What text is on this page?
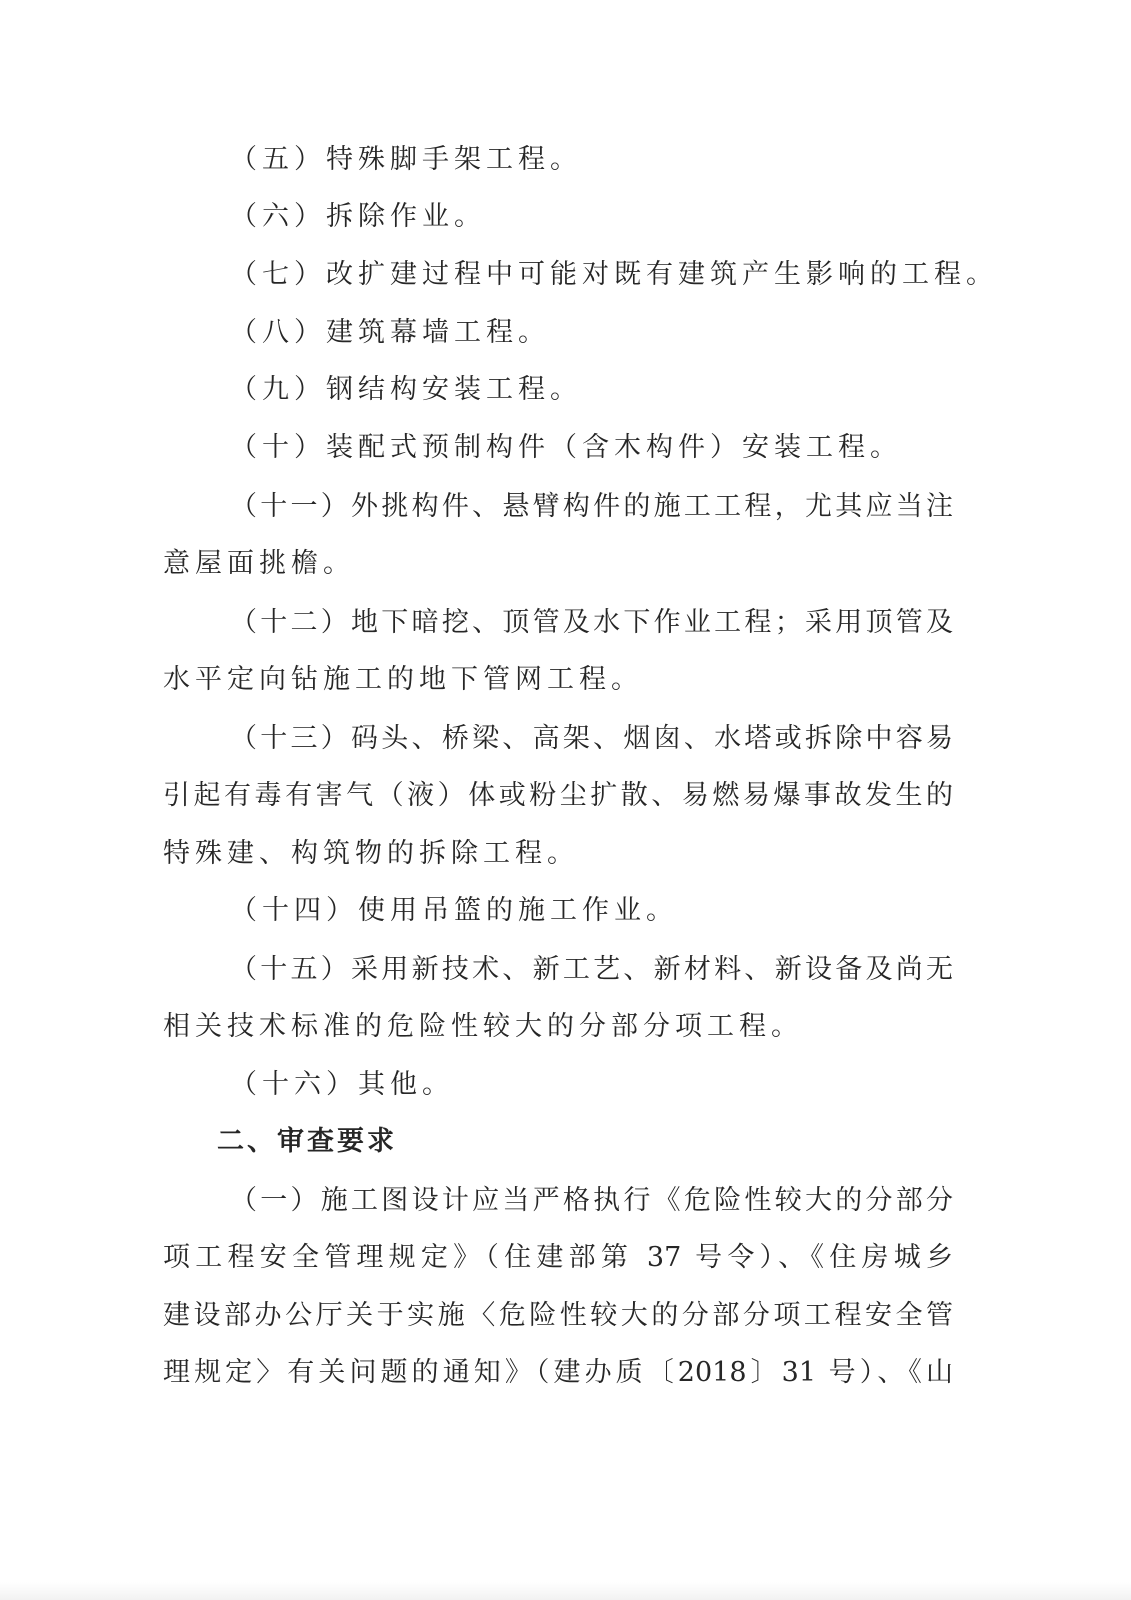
（五）特殊脚手架工程。
（六）拆除作业。
（七）改扩建过程中可能对既有建筑产生影响的工程。
（八）建筑幕墙工程。
（九）钢结构安装工程。
（十）装配式预制构件（含木构件）安装工程。
（十一）外挑构件、悬臂构件的施工工程，尤其应当注
意屋面挑檐。
（十二）地下暗挖、顶管及水下作业工程；采用顶管及
水平定向钻施工的地下管网工程。
（十三）码头、桥梁、高架、烟囱、水塔或拆除中容易
引起有毒有害气（液）体或粉尘扩散、易燃易爆事故发生的
特殊建、构筑物的拆除工程。
（十四）使用吊篮的施工作业。
（十五）采用新技术、新工艺、新材料、新设备及尚无
相关技术标准的危险性较大的分部分项工程。
（十六）其他。
二、审查要求
（一）施工图设计应当严格执行《危险性较大的分部分
项工程安全管理规定》（住建部第 37 号令）、《住房城乡
建设部办公厅关于实施〈危险性较大的分部分项工程安全管
理规定〉有关问题的通知》（建办质〔2018〕31 号）、《山
